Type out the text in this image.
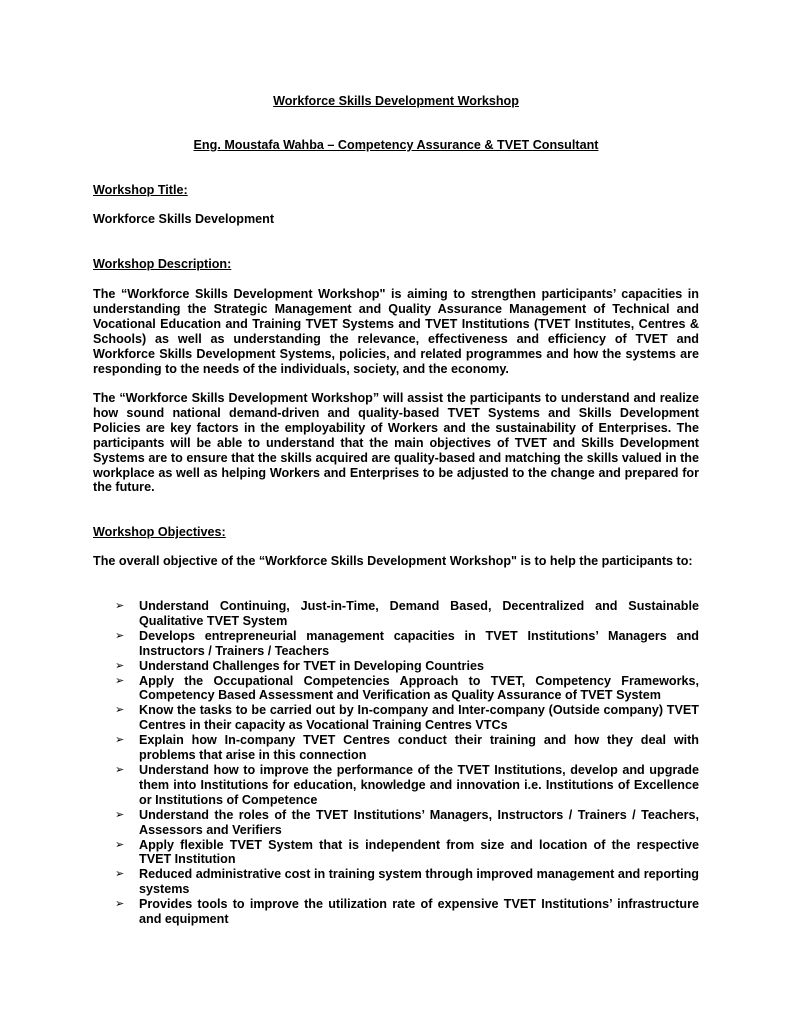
Workforce Skills Development Workshop
Eng. Moustafa Wahba – Competency Assurance & TVET Consultant
Workshop Title:
Workforce Skills Development
Workshop Description:
The “Workforce Skills Development Workshop" is aiming to strengthen participants’ capacities in understanding the Strategic Management and Quality Assurance Management of Technical and Vocational Education and Training TVET Systems and TVET Institutions (TVET Institutes, Centres & Schools) as well as understanding the relevance, effectiveness and efficiency of TVET and Workforce Skills Development Systems, policies, and related programmes and how the systems are responding to the needs of the individuals, society, and the economy.
The “Workforce Skills Development Workshop” will assist the participants to understand and realize how sound national demand-driven and quality-based TVET Systems and Skills Development Policies are key factors in the employability of Workers and the sustainability of Enterprises. The participants will be able to understand that the main objectives of TVET and Skills Development Systems are to ensure that the skills acquired are quality-based and matching the skills valued in the workplace as well as helping Workers and Enterprises to be adjusted to the change and prepared for the future.
Workshop Objectives:
The overall objective of the “Workforce Skills Development Workshop" is to help the participants to:
➢ Understand Continuing, Just-in-Time, Demand Based, Decentralized and Sustainable Qualitative TVET System
➢ Develops entrepreneurial management capacities in TVET Institutions’ Managers and Instructors / Trainers / Teachers
➢ Understand Challenges for TVET in Developing Countries
➢ Apply the Occupational Competencies Approach to TVET, Competency Frameworks, Competency Based Assessment and Verification as Quality Assurance of TVET System
➢ Know the tasks to be carried out by In-company and Inter-company (Outside company) TVET Centres in their capacity as Vocational Training Centres VTCs
➢ Explain how In-company TVET Centres conduct their training and how they deal with problems that arise in this connection
➢ Understand how to improve the performance of the TVET Institutions, develop and upgrade them into Institutions for education, knowledge and innovation i.e. Institutions of Excellence or Institutions of Competence
➢ Understand the roles of the TVET Institutions’ Managers, Instructors / Trainers / Teachers, Assessors and Verifiers
➢ Apply flexible TVET System that is independent from size and location of the respective TVET Institution
➢ Reduced administrative cost in training system through improved management and reporting systems
➢ Provides tools to improve the utilization rate of expensive TVET Institutions’ infrastructure and equipment
